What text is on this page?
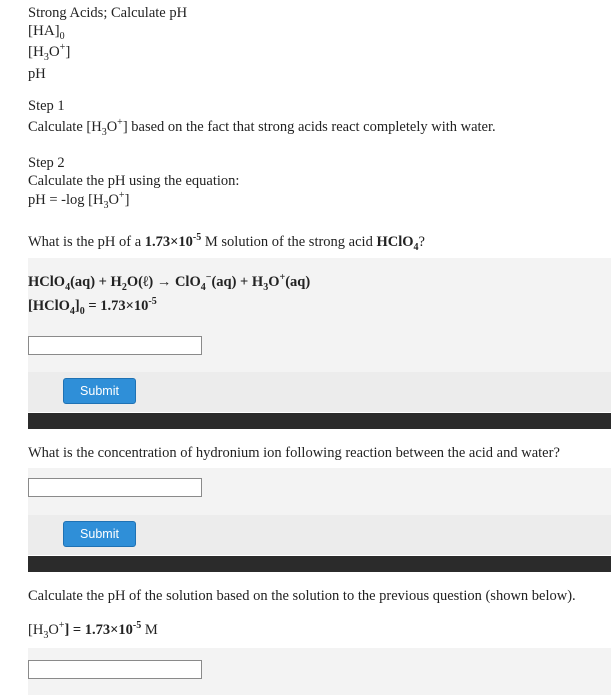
Strong Acids; Calculate pH
$[HA]_0$
$[H_3O^+]$
pH
Step 1
Calculate $[H_3O^+]$ based on the fact that strong acids react completely with water.
Step 2
Calculate the pH using the equation:
pH = -log $[H_3O^+]$
What is the pH of a $1.73\times 10^{-5}$ M solution of the strong acid HClO$_4$?
HClO$_4$(aq) + $H_2O(\ell) \to ClO_4^-(aq) + H_3O^+(aq)$
$[HClO_4]_0 = 1.73\times 10^{-5}$
Submit
What is the concentration of hydronium ion following reaction between the acid and water?
Submit
Calculate the pH of the solution based on the solution to the previous question (shown below).
$[H_3O^+] = 1.73\times 10^{-5}$ M
